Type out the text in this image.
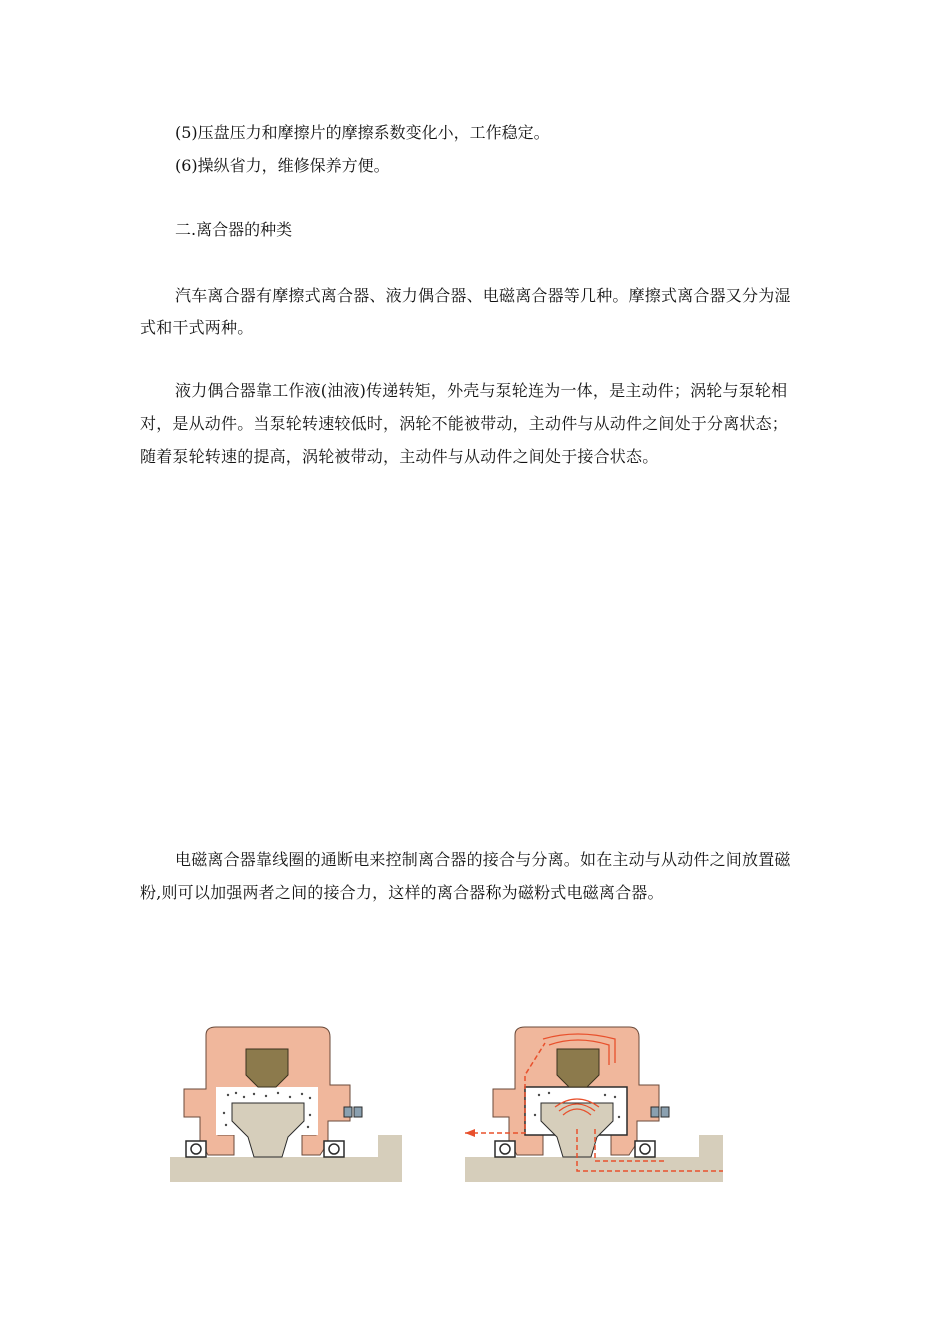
(5)压盘压力和摩擦片的摩擦系数变化小，工作稳定。
(6)操纵省力，维修保养方便。
二.离合器的种类
汽车离合器有摩擦式离合器、液力偶合器、电磁离合器等几种。摩擦式离合器又分为湿
式和干式两种。
液力偶合器靠工作液(油液)传递转矩，外壳与泵轮连为一体，是主动件；涡轮与泵轮相
对，是从动件。当泵轮转速较低时，涡轮不能被带动，主动件与从动件之间处于分离状态；
随着泵轮转速的提高，涡轮被带动，主动件与从动件之间处于接合状态。
电磁离合器靠线圈的通断电来控制离合器的接合与分离。如在主动与从动件之间放置磁
粉,则可以加强两者之间的接合力，这样的离合器称为磁粉式电磁离合器。
